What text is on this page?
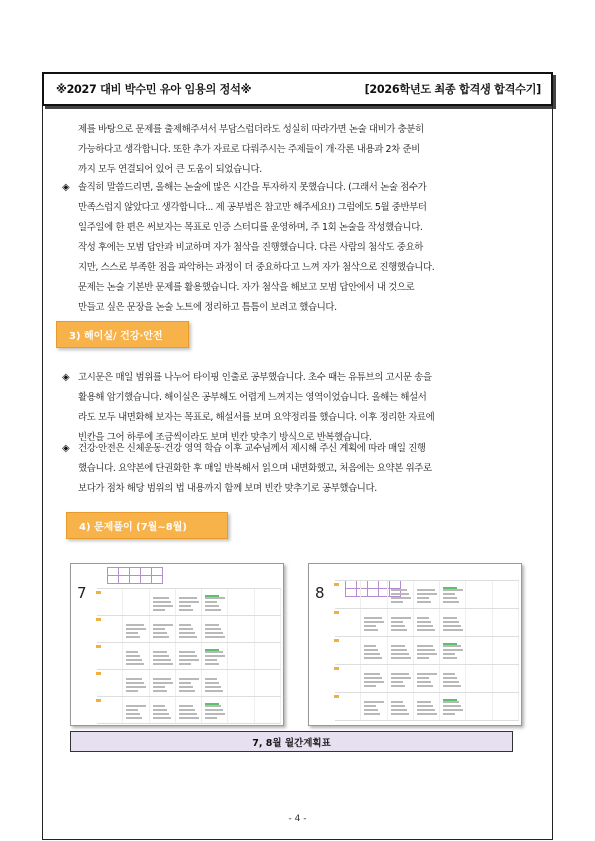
※2027 대비 박수민 유아 임용의 정석※	[2026학년도 최종 합격생 합격수기]
제를 바탕으로 문제를 출제해주셔서 부담스럽더라도 성실히 따라가면 논술 대비가 충분히
가능하다고 생각합니다. 또한 추가 자료로 다뤄주시는 주제들이 개·각론 내용과 2차 준비
까지 모두 연결되어 있어 큰 도움이 되었습니다.
◈ 솔직히 말씀드리면, 올해는 논술에 많은 시간을 투자하지 못했습니다. (그래서 논술 점수가
만족스럽지 않았다고 생각합니다... 제 공부법은 참고만 해주세요!) 그럼에도 5월 중반부터
일주일에 한 편은 써보자는 목표로 인증 스터디를 운영하며, 주 1회 논술을 작성했습니다.
작성 후에는 모범 답안과 비교하며 자가 첨삭을 진행했습니다. 다른 사람의 첨삭도 중요하
지만, 스스로 부족한 점을 파악하는 과정이 더 중요하다고 느껴 자가 첨삭으로 진행했습니다.
문제는 논술 기본반 문제를 활용했습니다. 자가 첨삭을 해보고 모범 답안에서 내 것으로
만들고 싶은 문장을 논술 노트에 정리하고 틈틈이 보려고 했습니다.
3) 해이실/ 건강·안전
◈ 고시문은 매일 범위를 나누어 타이핑 인출로 공부했습니다. 초수 때는 유튜브의 고시문 송을
활용해 암기했습니다. 해이실은 공부해도 어렵게 느껴지는 영역이었습니다. 올해는 해설서
라도 모두 내면화해 보자는 목표로, 해설서를 보며 요약정리를 했습니다. 이후 정리한 자료에
빈칸을 그어 하루에 조금씩이라도 보며 빈칸 맞추기 방식으로 반복했습니다.
◈ 건강·안전은 신체운동·건강 영역 학습 이후 교수님께서 제시해 주신 계획에 따라 매일 진행
했습니다. 요약본에 단권화한 후 매일 반복해서 읽으며 내면화했고, 처음에는 요약본 위주로
보다가 점차 해당 범위의 법 내용까지 함께 보며 빈칸 맞추기로 공부했습니다.
4) 문제풀이 (7월~8월)
7

					8

7, 8월 월간계획표
- 4 -
